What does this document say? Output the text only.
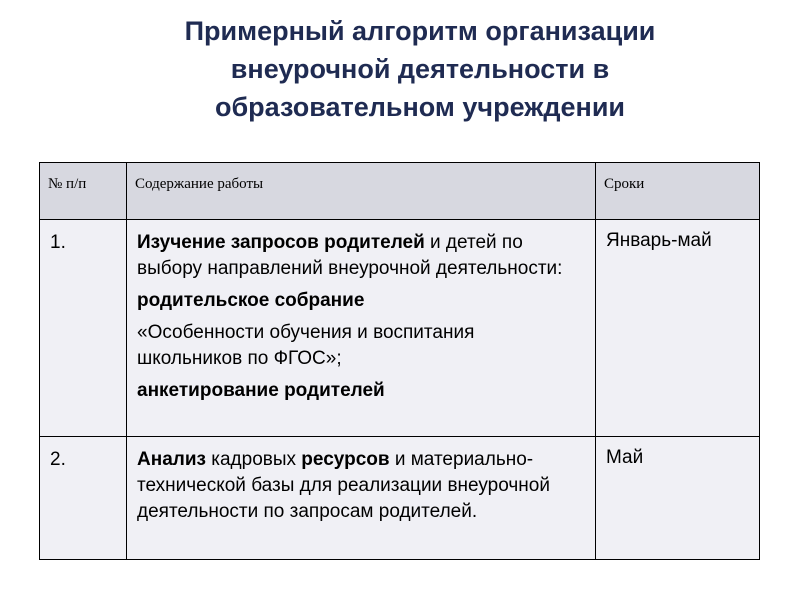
Примерный алгоритм организации
внеурочной деятельности в
образовательном учреждении
№ п/п	Содержание работы	Сроки

1.	Изучение запросов родителей и детей по выбору направлений внеурочной деятельности:

родительское собрание

«Особенности обучения и воспитания школьников по ФГОС»;

анкетирование родителей	Январь-май

2.	Анализ кадровых ресурсов и материально-технической базы для реализации внеурочной деятельности по запросам родителей.	Май
